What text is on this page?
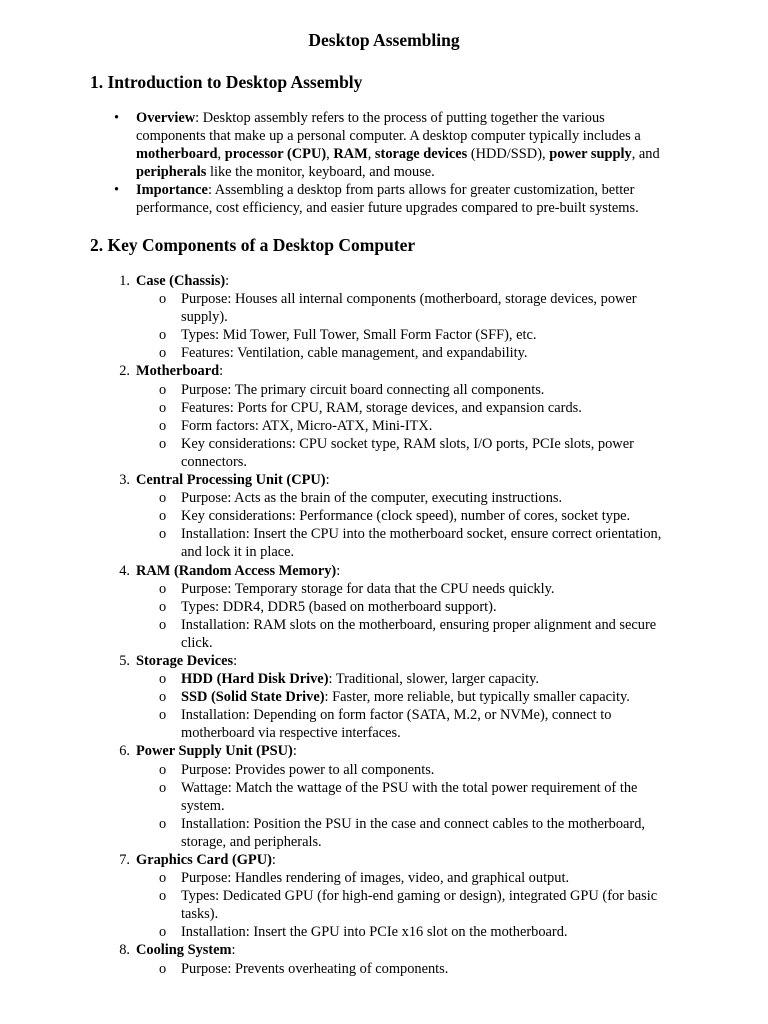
Desktop Assembling
1. Introduction to Desktop Assembly
• Overview: Desktop assembly refers to the process of putting together the various components that make up a personal computer. A desktop computer typically includes a motherboard, processor (CPU), RAM, storage devices (HDD/SSD), power supply, and peripherals like the monitor, keyboard, and mouse.
• Importance: Assembling a desktop from parts allows for greater customization, better performance, cost efficiency, and easier future upgrades compared to pre-built systems.
2. Key Components of a Desktop Computer
1. Case (Chassis):
o Purpose: Houses all internal components (motherboard, storage devices, power supply).
o Types: Mid Tower, Full Tower, Small Form Factor (SFF), etc.
o Features: Ventilation, cable management, and expandability.
2. Motherboard:
o Purpose: The primary circuit board connecting all components.
o Features: Ports for CPU, RAM, storage devices, and expansion cards.
o Form factors: ATX, Micro-ATX, Mini-ITX.
o Key considerations: CPU socket type, RAM slots, I/O ports, PCIe slots, power connectors.
3. Central Processing Unit (CPU):
o Purpose: Acts as the brain of the computer, executing instructions.
o Key considerations: Performance (clock speed), number of cores, socket type.
o Installation: Insert the CPU into the motherboard socket, ensure correct orientation, and lock it in place.
4. RAM (Random Access Memory):
o Purpose: Temporary storage for data that the CPU needs quickly.
o Types: DDR4, DDR5 (based on motherboard support).
o Installation: RAM slots on the motherboard, ensuring proper alignment and secure click.
5. Storage Devices:
o HDD (Hard Disk Drive): Traditional, slower, larger capacity.
o SSD (Solid State Drive): Faster, more reliable, but typically smaller capacity.
o Installation: Depending on form factor (SATA, M.2, or NVMe), connect to motherboard via respective interfaces.
6. Power Supply Unit (PSU):
o Purpose: Provides power to all components.
o Wattage: Match the wattage of the PSU with the total power requirement of the system.
o Installation: Position the PSU in the case and connect cables to the motherboard, storage, and peripherals.
7. Graphics Card (GPU):
o Purpose: Handles rendering of images, video, and graphical output.
o Types: Dedicated GPU (for high-end gaming or design), integrated GPU (for basic tasks).
o Installation: Insert the GPU into PCIe x16 slot on the motherboard.
8. Cooling System:
o Purpose: Prevents overheating of components.
